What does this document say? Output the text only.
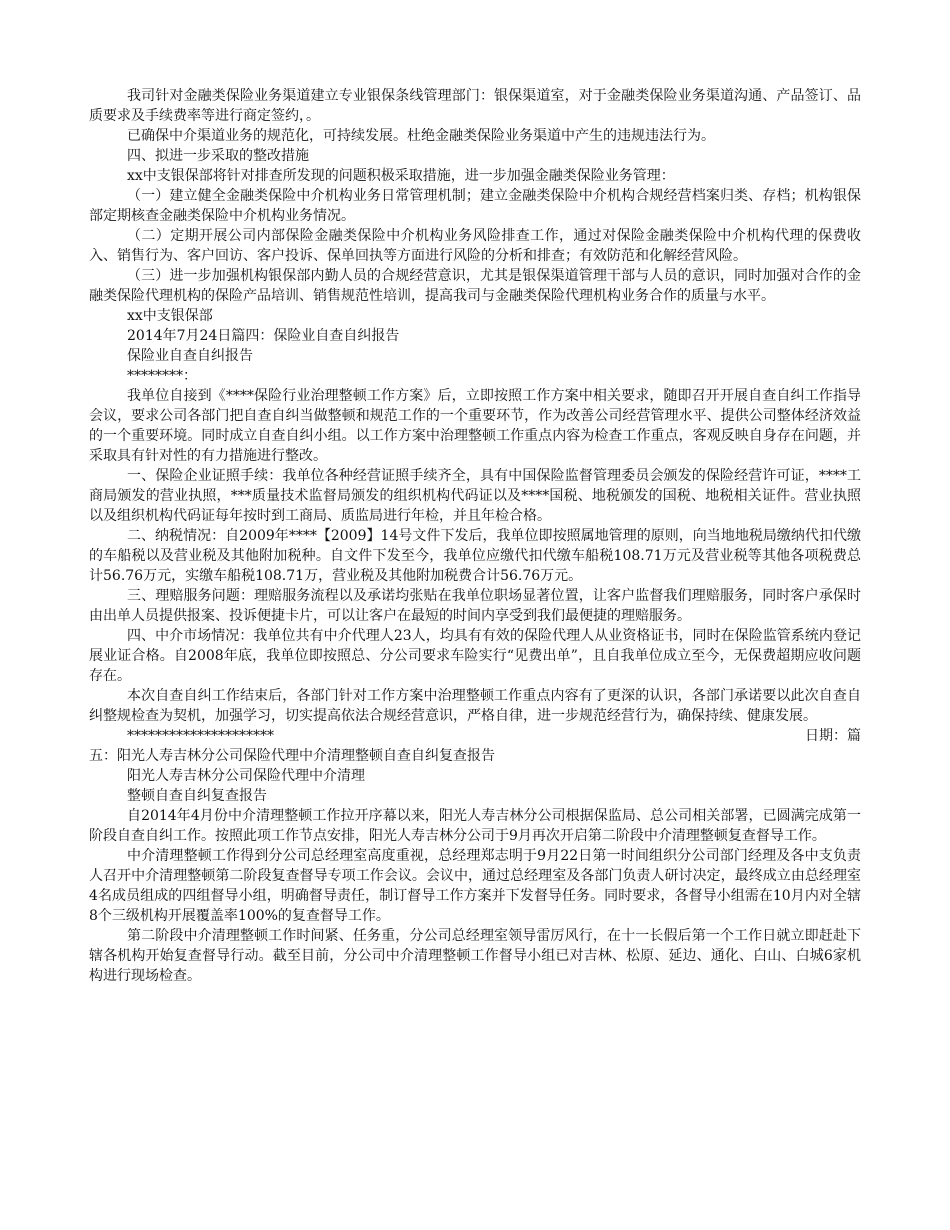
我司针对金融类保险业务渠道建立专业银保条线管理部门：银保渠道室，对于金融类保险业务渠道沟通、产品签订、品质要求及手续费率等进行商定签约，。

已确保中介渠道业务的规范化，可持续发展。杜绝金融类保险业务渠道中产生的违规违法行为。

四、拟进一步采取的整改措施

xx中支银保部将针对排查所发现的问题积极采取措施，进一步加强金融类保险业务管理：

（一）建立健全金融类保险中介机构业务日常管理机制；建立金融类保险中介机构合规经营档案归类、存档；机构银保部定期核查金融类保险中介机构业务情况。

（二）定期开展公司内部保险金融类保险中介机构业务风险排查工作，通过对保险金融类保险中介机构代理的保费收入、销售行为、客户回访、客户投诉、保单回执等方面进行风险的分析和排查；有效防范和化解经营风险。

（三）进一步加强机构银保部内勤人员的合规经营意识，尤其是银保渠道管理干部与人员的意识，同时加强对合作的金融类保险代理机构的保险产品培训、销售规范性培训，提高我司与金融类保险代理机构业务合作的质量与水平。

xx中支银保部

2014年7月24日篇四：保险业自查自纠报告

保险业自查自纠报告

********：

我单位自接到《****保险行业治理整顿工作方案》后，立即按照工作方案中相关要求，随即召开开展自查自纠工作指导会议，要求公司各部门把自查自纠当做整顿和规范工作的一个重要环节，作为改善公司经营管理水平、提供公司整体经济效益的一个重要环境。同时成立自查自纠小组。以工作方案中治理整顿工作重点内容为检查工作重点，客观反映自身存在问题，并采取具有针对性的有力措施进行整改。

一、保险企业证照手续：我单位各种经营证照手续齐全，具有中国保险监督管理委员会颁发的保险经营许可证，****工商局颁发的营业执照，***质量技术监督局颁发的组织机构代码证以及****国税、地税颁发的国税、地税相关证件。营业执照以及组织机构代码证每年按时到工商局、质监局进行年检，并且年检合格。

二、纳税情况：自2009年****【2009】14号文件下发后，我单位即按照属地管理的原则，向当地地税局缴纳代扣代缴的车船税以及营业税及其他附加税种。自文件下发至今，我单位应缴代扣代缴车船税108.71万元及营业税等其他各项税费总计56.76万元，实缴车船税108.71万，营业税及其他附加税费合计56.76万元。

三、理赔服务问题：理赔服务流程以及承诺均张贴在我单位职场显著位置，让客户监督我们理赔服务，同时客户承保时由出单人员提供报案、投诉便捷卡片，可以让客户在最短的时间内享受到我们最便捷的理赔服务。

四、中介市场情况：我单位共有中介代理人23人，均具有有效的保险代理人从业资格证书，同时在保险监管系统内登记展业证合格。自2008年底，我单位即按照总、分公司要求车险实行“见费出单”，且自我单位成立至今，无保费超期应收问题存在。

本次自查自纠工作结束后，各部门针对工作方案中治理整顿工作重点内容有了更深的认识，各部门承诺要以此次自查自纠整规检查为契机，加强学习，切实提高依法合规经营意识，严格自律，进一步规范经营行为，确保持续、健康发展。

*********************	日期：篇

五：阳光人寿吉林分公司保险代理中介清理整顿自查自纠复查报告

阳光人寿吉林分公司保险代理中介清理

整顿自查自纠复查报告

自2014年4月份中介清理整顿工作拉开序幕以来，阳光人寿吉林分公司根据保监局、总公司相关部署，已圆满完成第一阶段自查自纠工作。按照此项工作节点安排，阳光人寿吉林分公司于9月再次开启第二阶段中介清理整顿复查督导工作。

中介清理整顿工作得到分公司总经理室高度重视，总经理郑志明于9月22日第一时间组织分公司部门经理及各中支负责人召开中介清理整顿第二阶段复查督导专项工作会议。会议中，通过总经理室及各部门负责人研讨决定，最终成立由总经理室4名成员组成的四组督导小组，明确督导责任，制订督导工作方案并下发督导任务。同时要求，各督导小组需在10月内对全辖8个三级机构开展覆盖率100%的复查督导工作。

第二阶段中介清理整顿工作时间紧、任务重，分公司总经理室领导雷厉风行，在十一长假后第一个工作日就立即赶赴下辖各机构开始复查督导行动。截至目前，分公司中介清理整顿工作督导小组已对吉林、松原、延边、通化、白山、白城6家机构进行现场检查。
